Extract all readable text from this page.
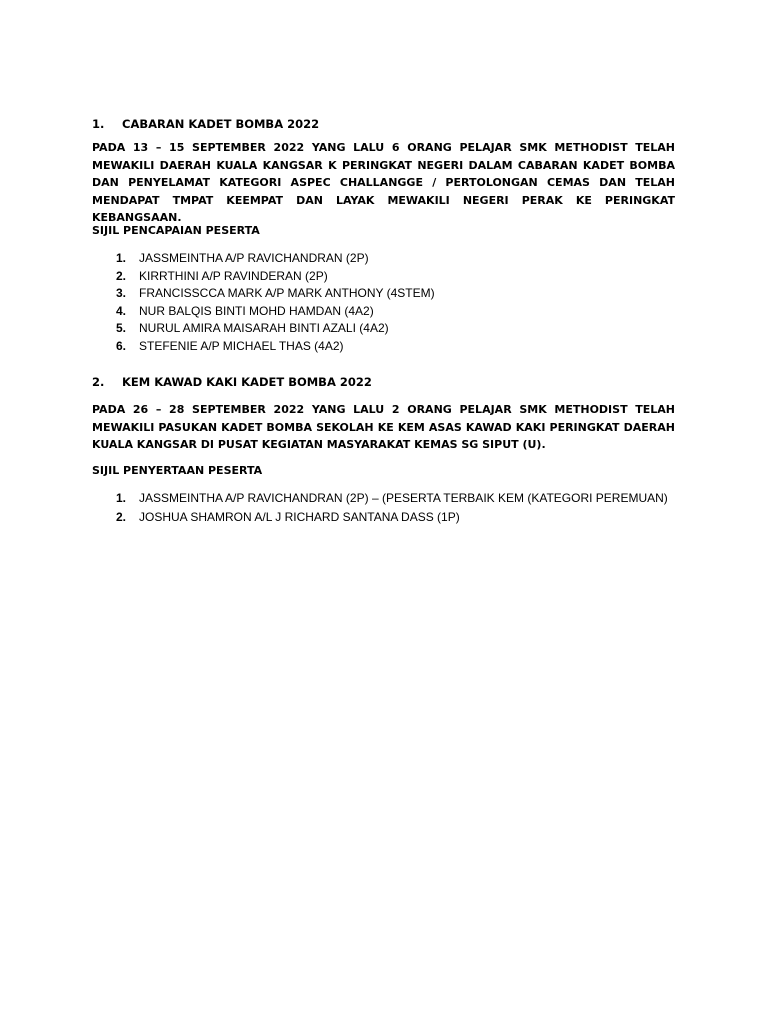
1. CABARAN KADET BOMBA 2022
PADA 13 – 15 SEPTEMBER 2022 YANG LALU 6 ORANG PELAJAR SMK METHODIST TELAH MEWAKILI DAERAH KUALA KANGSAR K PERINGKAT NEGERI DALAM CABARAN KADET BOMBA DAN PENYELAMAT KATEGORI ASPEC CHALLANGGE / PERTOLONGAN CEMAS DAN TELAH MENDAPAT TMPAT KEEMPAT DAN LAYAK MEWAKILI NEGERI PERAK KE PERINGKAT KEBANGSAAN.
SIJIL PENCAPAIAN PESERTA
1.	JASSMEINTHA A/P RAVICHANDRAN (2P)
2.	KIRRTHINI A/P RAVINDERAN (2P)
3.	FRANCISSCCA MARK A/P MARK ANTHONY (4STEM)
4.	NUR BALQIS BINTI MOHD HAMDAN (4A2)
5.	NURUL AMIRA MAISARAH BINTI AZALI (4A2)
6.	STEFENIE A/P MICHAEL THAS (4A2)
2. KEM KAWAD KAKI KADET BOMBA 2022
PADA 26 – 28 SEPTEMBER 2022 YANG LALU 2 ORANG PELAJAR SMK METHODIST TELAH MEWAKILI PASUKAN KADET BOMBA SEKOLAH KE KEM ASAS KAWAD KAKI PERINGKAT DAERAH KUALA KANGSAR DI PUSAT KEGIATAN MASYARAKAT KEMAS SG SIPUT (U).
SIJIL PENYERTAAN PESERTA
1.	JASSMEINTHA A/P RAVICHANDRAN (2P) – (PESERTA TERBAIK KEM (KATEGORI PEREMUAN)
2.	JOSHUA SHAMRON A/L J RICHARD SANTANA DASS (1P)
